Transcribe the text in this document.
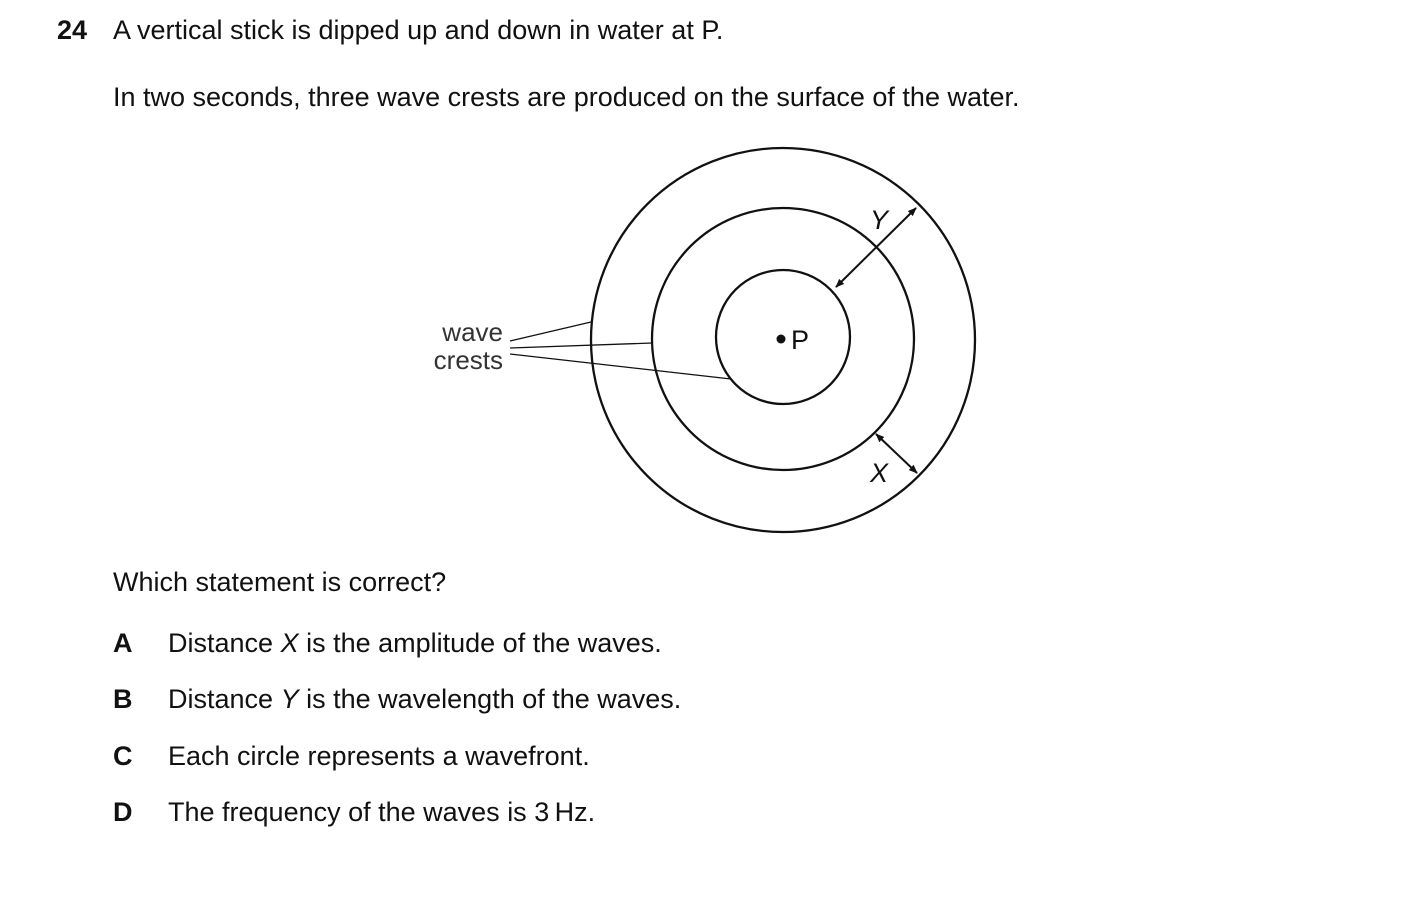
24 A vertical stick is dipped up and down in water at P.
In two seconds, three wave crests are produced on the surface of the water.
P
wave
crests
Y
X
Which statement is correct?
A Distance X is the amplitude of the waves.
B Distance Y is the wavelength of the waves.
C Each circle represents a wavefront.
D The frequency of the waves is 3 Hz.
